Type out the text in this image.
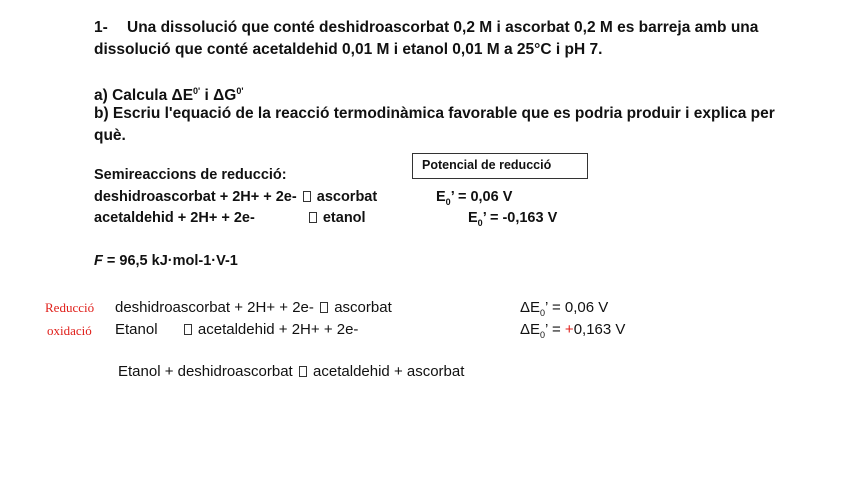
1- Una dissolució que conté deshidroascorbat 0,2 M i ascorbat 0,2 M es barreja amb una
dissolució que conté acetaldehid 0,01 M i etanol 0,01 M a 25°C i pH 7.
a) Calcula $\Delta E^{0'}$ i $\Delta G^{0'}$
b) Escriu l'equació de la reacció termodinàmica favorable que es podria produir i explica per
què.
Potencial de reducció
Semireaccions de reducció:
deshidroascorbat + 2H+ + 2e- ascorbat	$E_0$’ = 0,06 V
acetaldehid + 2H+ + 2e-	etanol	$E_0$’ = -0,163 V
F = 96,5 kJ·mol-1·V-1
Reducció deshidroascorbat + 2H+ + 2e- ascorbat	$\Delta E_0$’ = 0,06 V
oxidació Etanol	acetaldehid + 2H+ + 2e-	$\Delta E_0$’ = +0,163 V
Etanol + deshidroascorbat acetaldehid + ascorbat
